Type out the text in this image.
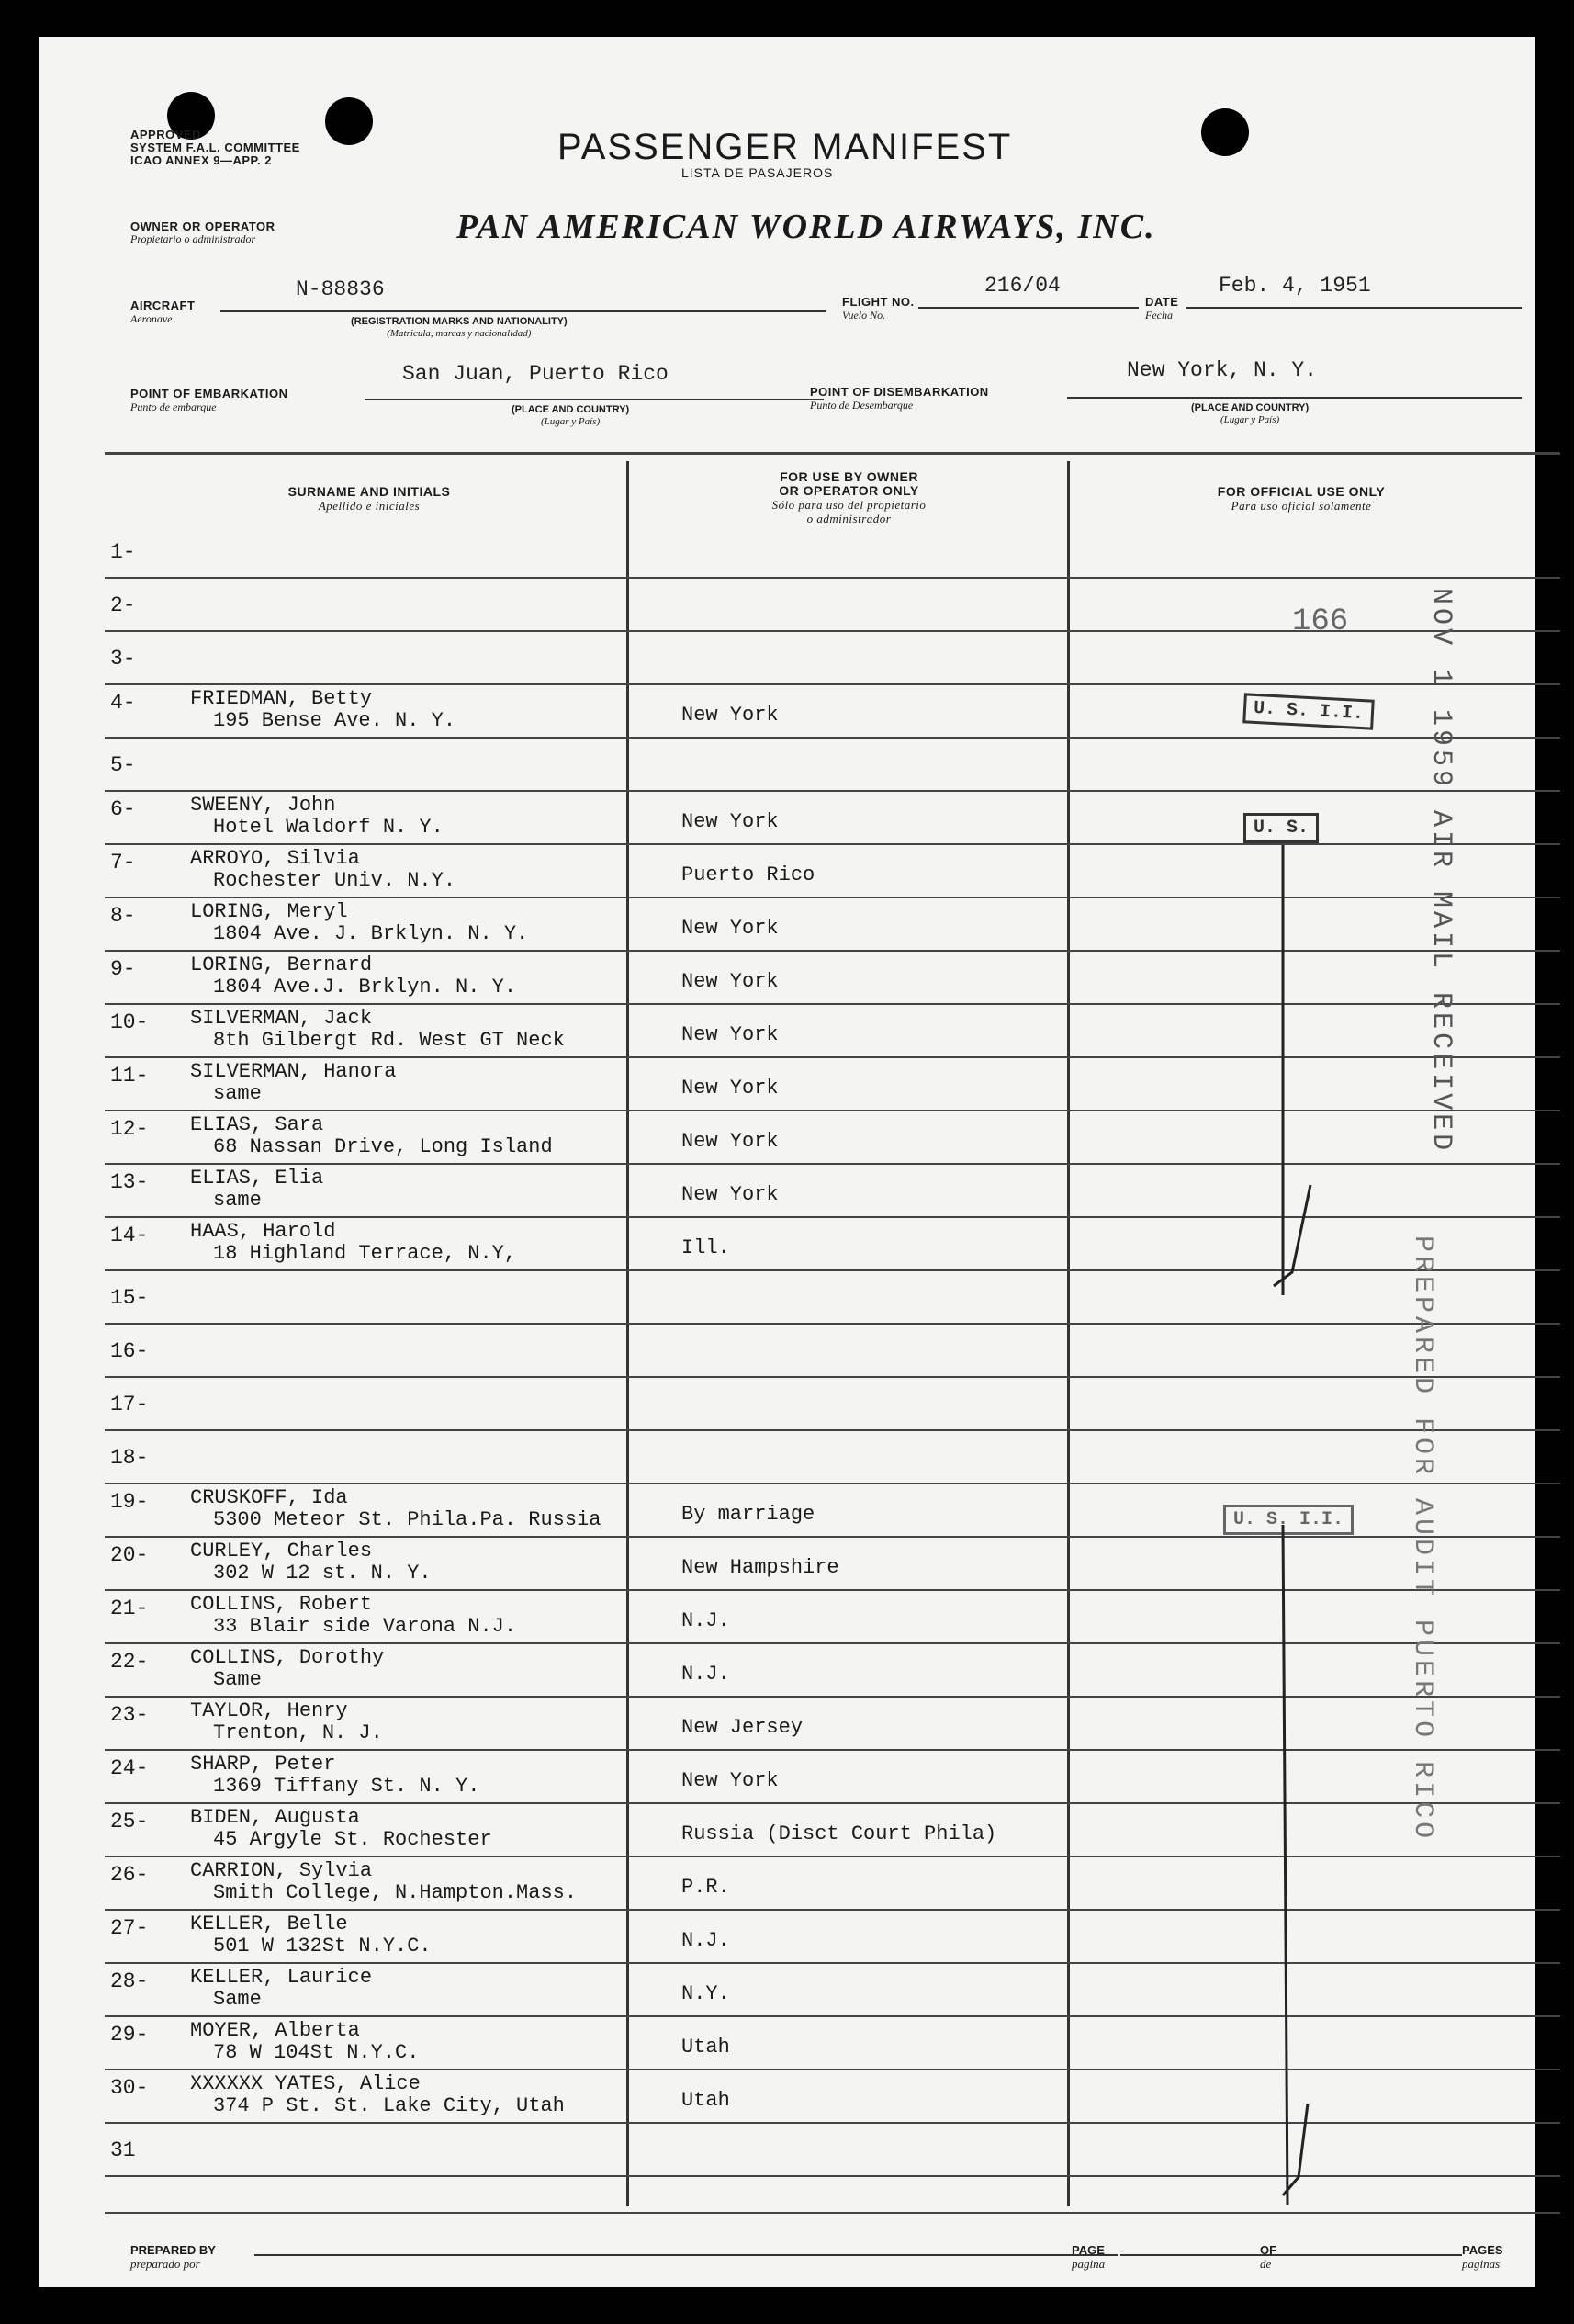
APPROVED
SYSTEM F.A.L. COMMITTEE
ICAO ANNEX 9—APP. 2	PASSENGER MANIFEST
LISTA DE PASAJEROS
OWNER OR OPERATOR
Propietario o administrador	PAN AMERICAN WORLD AIRWAYS, INC.
AIRCRAFT
Aeronave
N-88836
(REGISTRATION MARKS AND NATIONALITY)
(Matricula, marcas y nacionalidad)
FLIGHT NO.
Vuelo No.
216/04
DATE
Fecha
Feb. 4, 1951
POINT OF EMBARKATION
Punto de embarque
San Juan, Puerto Rico
(PLACE AND COUNTRY)
(Lugar y País)
POINT OF DISEMBARKATION
Punto de Desembarque
New York, N. Y.
(PLACE AND COUNTRY)
(Lugar y País)
SURNAME AND INITIALS
Apellido e iniciales
FOR USE BY OWNER
OR OPERATOR ONLY
Sólo para uso del propietario
o administrador
FOR OFFICIAL USE ONLY
Para uso oficial solamente
1-
2-
3-
4-	FRIEDMAN, Betty
195 Bense Ave. N. Y.	New York
5-
6-	SWEENY, John
Hotel Waldorf N. Y.	New York
7-	ARROYO, Silvia
Rochester Univ. N.Y.	Puerto Rico
8-	LORING, Meryl
1804 Ave. J. Brklyn. N. Y.	New York
9-	LORING, Bernard
1804 Ave.J. Brklyn. N. Y.	New York
10- SILVERMAN, Jack
8th Gilbergt Rd. West GT Neck	New York
11- SILVERMAN, Hanora
same	New York
12- ELIAS, Sara
68 Nassan Drive, Long Island	New York
13- ELIAS, Elia
same	New York
14- HAAS, Harold
18 Highland Terrace, N.Y,	Ill.
15-
16-
17-
18-
19- CRUSKOFF, Ida
5300 Meteor St. Phila.Pa. Russia	By marriage
20- CURLEY, Charles
302 W 12 st. N. Y.	New Hampshire
21- COLLINS, Robert
33 Blair side Varona N.J.	N.J.
22- COLLINS, Dorothy
Same	N.J.
23- TAYLOR, Henry
Trenton, N. J.	New Jersey
24- SHARP, Peter
1369 Tiffany St. N. Y.	New York
25- BIDEN, Augusta
45 Argyle St. Rochester	Russia (Disct Court Phila)
26- CARRION, Sylvia
Smith College, N.Hampton.Mass.	P.R.
27- KELLER, Belle
501 W 132St N.Y.C.	N.J.
28- KELLER, Laurice
Same	N.Y.
29- MOYER, Alberta
78 W 104St N.Y.C.	Utah
30- XXXXXX YATES, Alice
374 P St. St. Lake City, Utah	Utah
31
166
U. S. I.I.
U. S.
U. S. I.I.
NOV 1 1959 AIR MAIL RECEIVED
PREPARED FOR AUDIT PUERTO RICO
PREPARED BY
preparado por
PAGE
pagina
OF
de
PAGES
paginas
